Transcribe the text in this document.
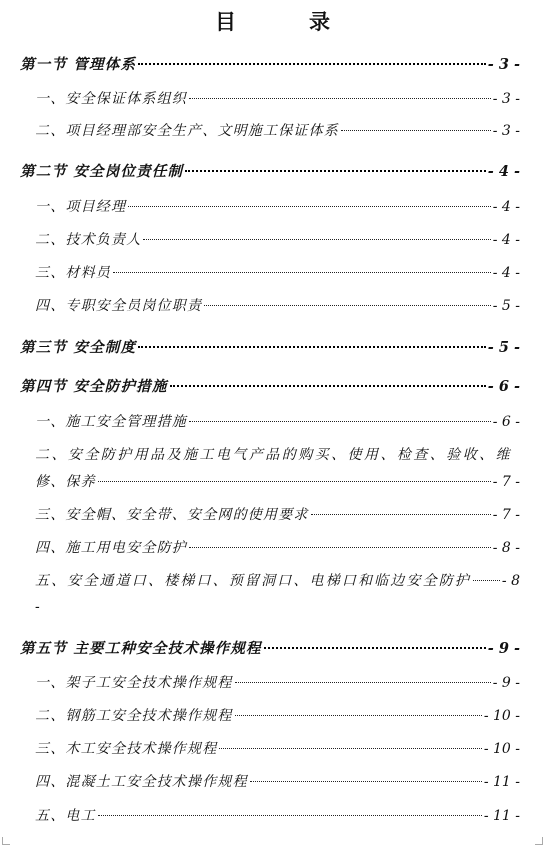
目　录
第一节 管理体系	- 3 -
一、安全保证体系组织	- 3 -
二、项目经理部安全生产、文明施工保证体系	- 3 -
第二节 安全岗位责任制	- 4 -
一、项目经理	- 4 -
二、技术负责人	- 4 -
三、材料员	- 4 -
四、专职安全员岗位职责	- 5 -
第三节 安全制度	- 5 -
第四节 安全防护措施	- 6 -
一、施工安全管理措施	- 6 -
二、安全防护用品及施工电气产品的购买、使用、检查、验收、维
修、保养	- 7 -
三、安全帽、安全带、安全网的使用要求	- 7 -
四、施工用电安全防护	- 8 -
五、安全通道口、楼梯口、预留洞口、电梯口和临边安全防护 - 8
-
第五节 主要工种安全技术操作规程	- 9 -
一、架子工安全技术操作规程	- 9 -
二、钢筋工安全技术操作规程	- 10 -
三、木工安全技术操作规程	- 10 -
四、混凝土工安全技术操作规程	- 11 -
五、电工	- 11 -
